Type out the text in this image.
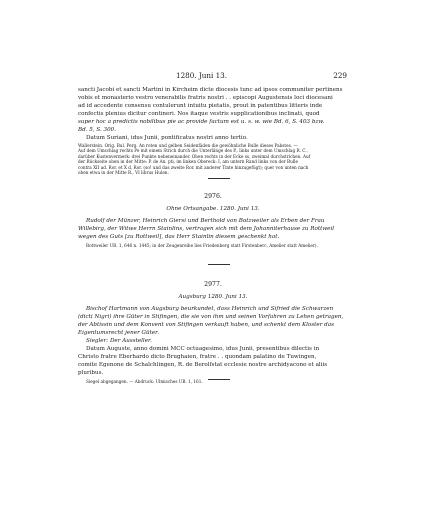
1280. Juni 13.	229
sancti Jacobi et sancti Martini in Kircheim dicte diocesis tunc ad ipsos communiter pertinens
vobis et monasterio vestro venerabilis fratris nostri . . episcopi Augustensis loci diocesani
ad id accedente consensu contulerunt intuitu pietatis, prout in patentibus litteris inde
confectis plenius dicitur contineri. Nos itaque vestris supplicationibus inclinati, quod
super hoc a predictis nobilibus pie ac provide factum est u. s. w. wie Bd. 6, S. 403 bzw.
Bd. 5, S. 300.
Datum Suriani, idus Junii, pontificatus nostri anno tertio.
Wallerstein. Orig. Bul. Perg. An roten und gelben Seidenfäden die gewöhnliche Bulle dieses Pabstes. —
Auf dem Umschlag rechts Pe mit einem Strich durch die Unterlänge des P., links unter dem Umschlag R. C.,
darüber Kustenvermerk: drei Punkte nebeneinander. Oben rechts in der Ecke ss, zweimal durchstrichen. Auf
der Rückseite oben in der Mitte: P. de An. pti, im linken Obereck: I, am untern Rand links von der Bulle
contra XII ad. Ror. et X d. Ror. (so! und das zweite Ror. mit anderer Tinte hinzugefügt); quer von unten nach
oben etwa in der Mitte R., VI librus Hulen.
2976.
Ohne Ortsangabe. 1280. Juni 13.
Rudolf der Münzer, Heinrich Giersi und Berthold von Botzweiler als Erben der Frau
Willebirg, der Witwe Herrn Stainlins, vertragen sich mit dem Johanniterhause zu Rottweil
wegen des Guts [zu Rottweil], das Herr Stainlin diesem geschenkt hat.
Rottweiler UB. 1, 646 n. 1445; in der Zeugenreihe lies Friedenberg statt Firstenberc, Amelier statt Amelier).
2977.
Augsburg 1280. Juni 13.
Bischof Hartmann von Augsburg beurkundet, dass Heinrich und Sifried die Schwarzen
(dicti Nigri) ihre Güter in Stifingen, die sie von ihm und seinen Vorfahren zu Lehen getragen,
der Abtissin und dem Konvent von Stifingen verkauft haben, und schenkt dem Kloster das
Eigentumsrecht jener Güter.
Siegler: Der Aussteller.
Datum Auguste, anno domini MCC octuagesimo, idus Junii, presentibus dilectis in
Christo fratre Eberhardo dicto Brughaien, fratre . . quondam palatino de Tuwingen,
comite Egenone de Schalchlingen, R. de Berolfstat ecclesie nostre archidyacono et aliis
pluribus.
Siegel abgegangen. — Abdruck: Ulmisches UB. 1, 161.
